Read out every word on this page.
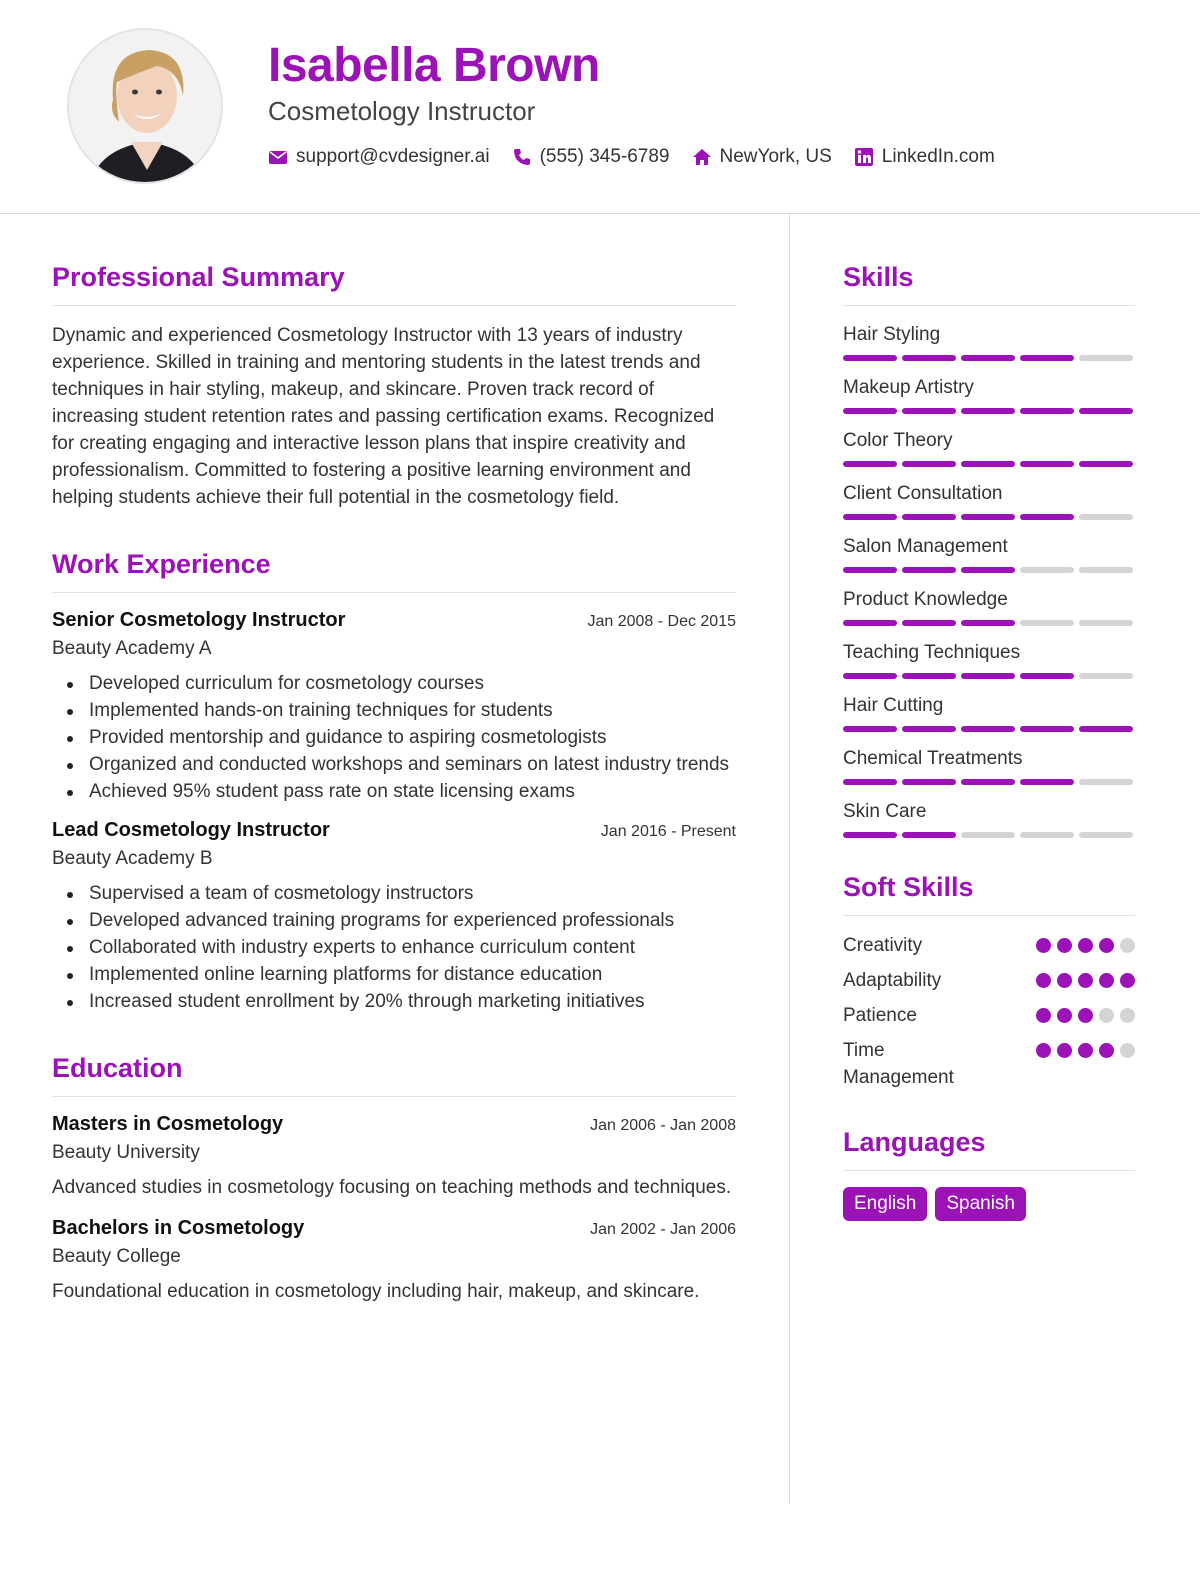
Isabella Brown
Cosmetology Instructor
support@cvdesigner.ai	(555) 345-6789	NewYork, US	LinkedIn.com
Professional Summary

Dynamic and experienced Cosmetology Instructor with 13 years of industry experience. Skilled in training and mentoring students in the latest trends and techniques in hair styling, makeup, and skincare. Proven track record of increasing student retention rates and passing certification exams. Recognized for creating engaging and interactive lesson plans that inspire creativity and professionalism. Committed to fostering a positive learning environment and helping students achieve their full potential in the cosmetology field.

Work Experience
Senior Cosmetology Instructor	Jan 2008 - Dec 2015
Beauty Academy A
Developed curriculum for cosmetology courses
Implemented hands-on training techniques for students
Provided mentorship and guidance to aspiring cosmetologists
Organized and conducted workshops and seminars on latest industry trends
Achieved 95% student pass rate on state licensing exams
Lead Cosmetology Instructor	Jan 2016 - Present
Beauty Academy B
Supervised a team of cosmetology instructors
Developed advanced training programs for experienced professionals
Collaborated with industry experts to enhance curriculum content
Implemented online learning platforms for distance education
Increased student enrollment by 20% through marketing initiatives
Education
Masters in Cosmetology	Jan 2006 - Jan 2008
Beauty University

Advanced studies in cosmetology focusing on teaching methods and techniques.

Bachelors in Cosmetology	Jan 2002 - Jan 2006
Beauty College

Foundational education in cosmetology including hair, makeup, and skincare.

Skills
Hair Styling
Makeup Artistry
Color Theory
Client Consultation
Salon Management
Product Knowledge
Teaching Techniques
Hair Cutting
Chemical Treatments
Skin Care
Soft Skills
Creativity
Adaptability
Patience
Time Management
Languages
English	Spanish
